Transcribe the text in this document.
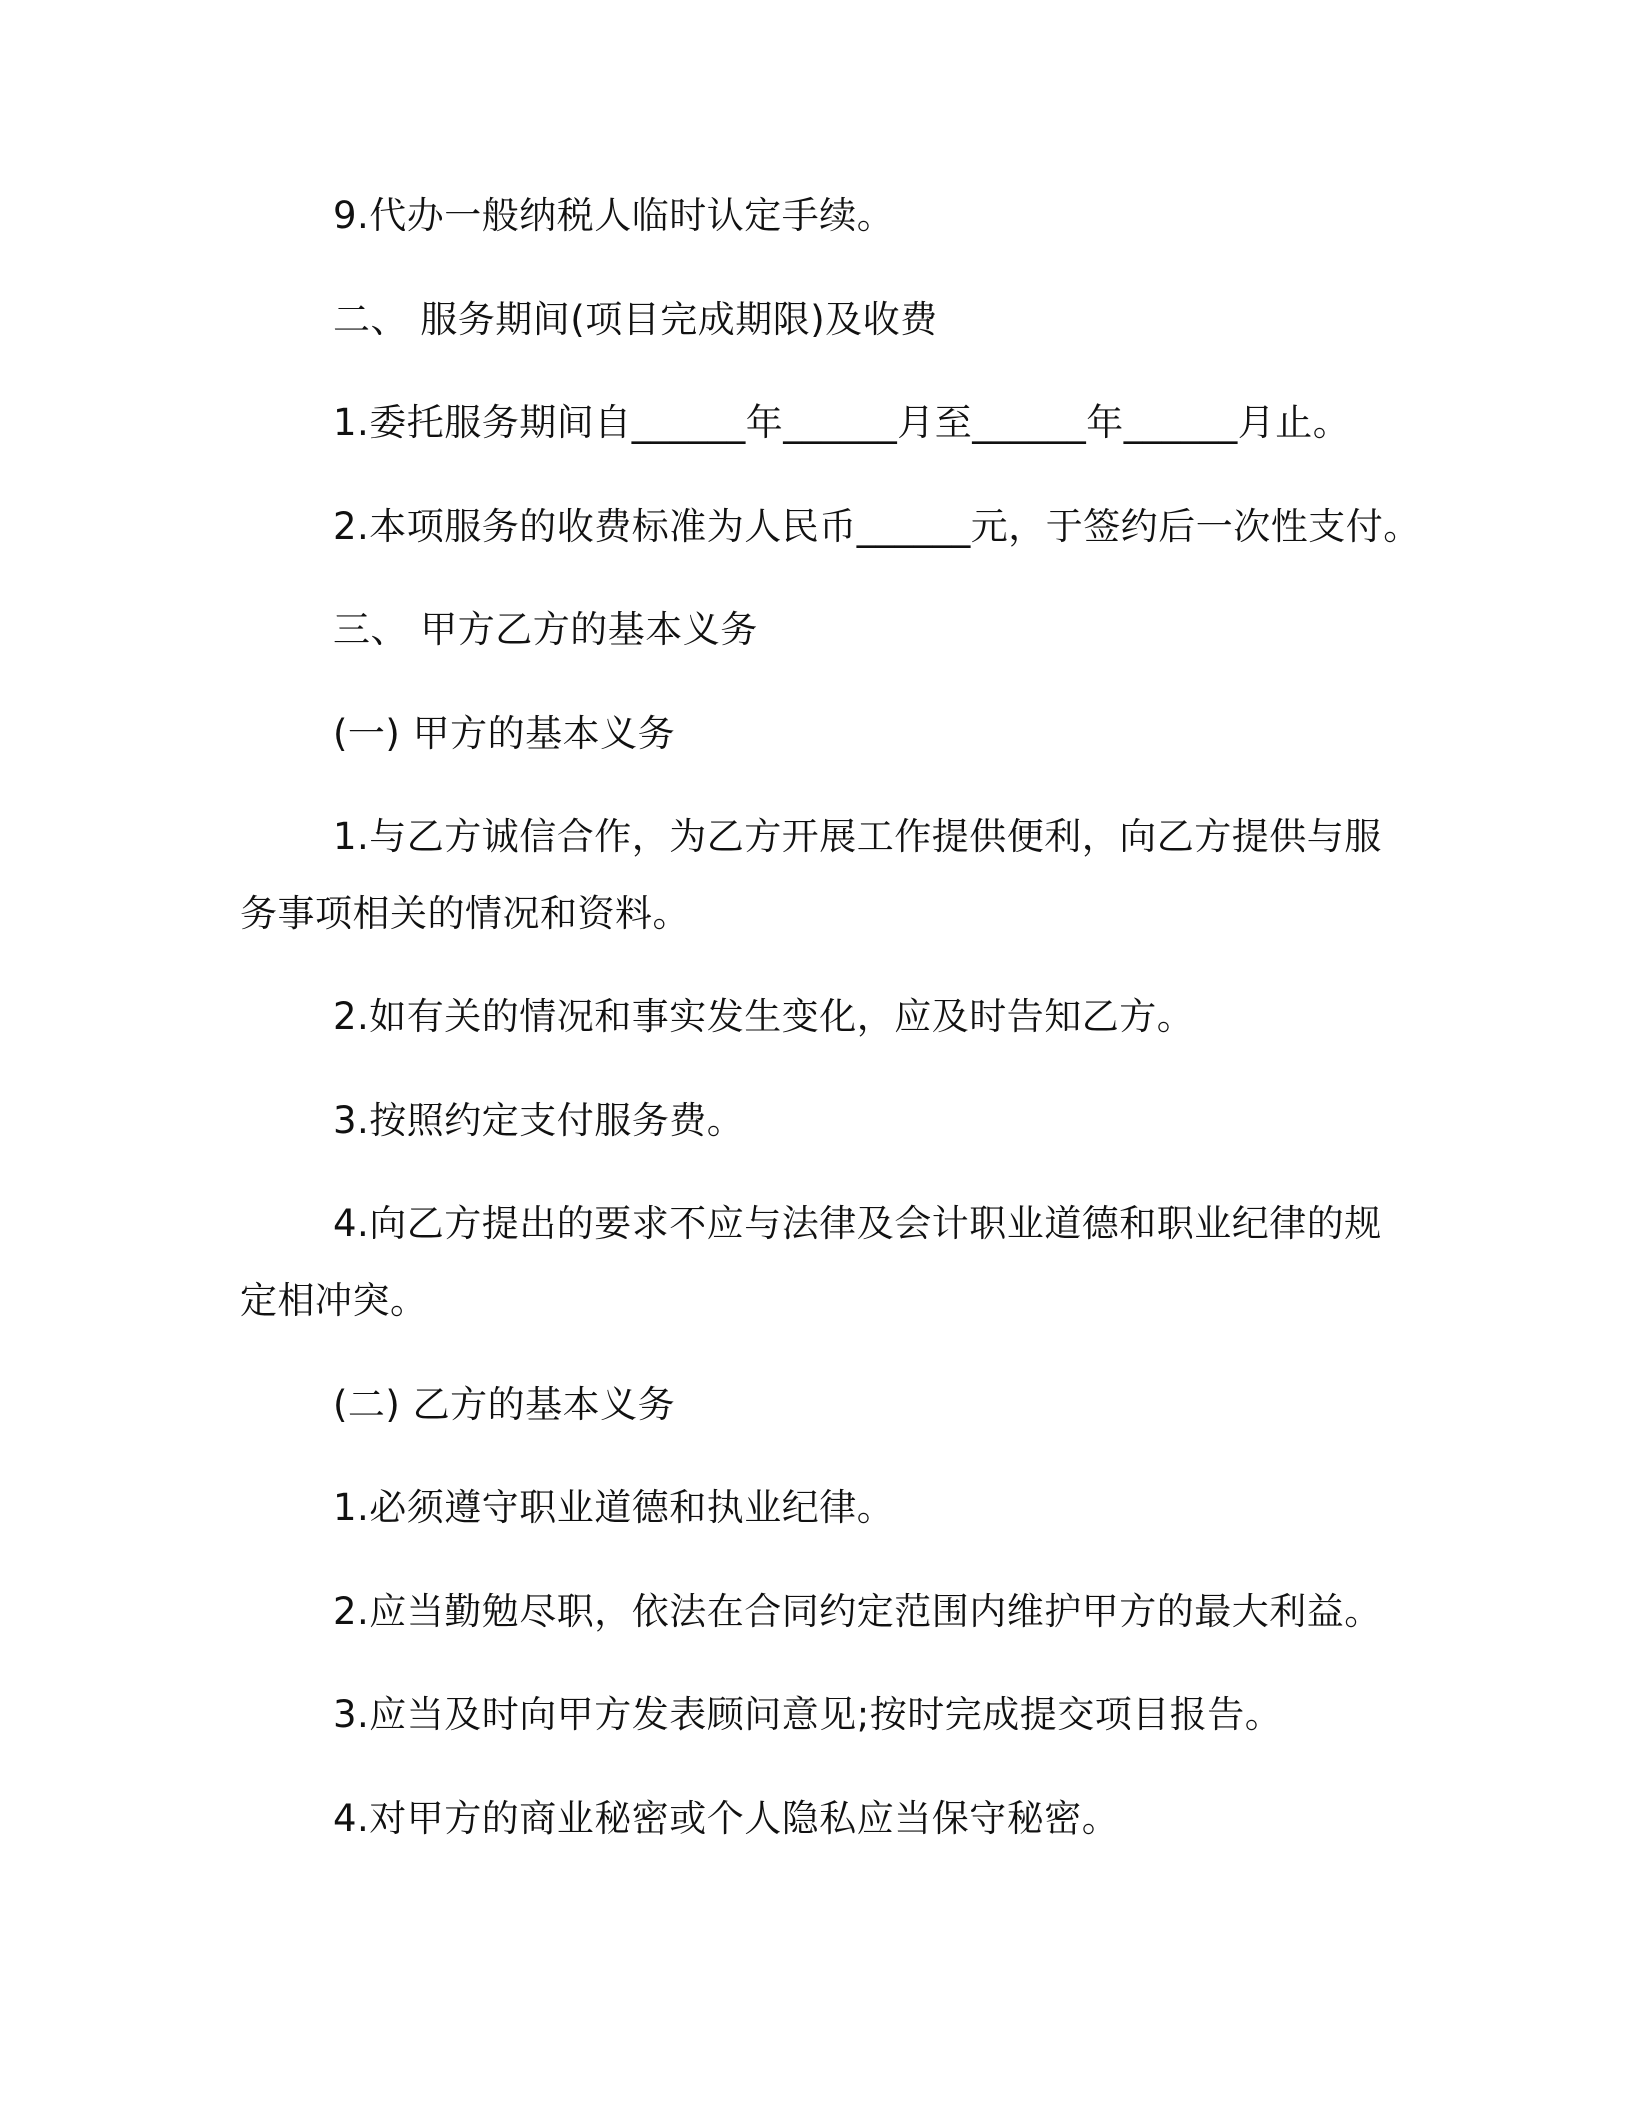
9.代办一般纳税人临时认定手续。
二、 服务期间(项目完成期限)及收费
1.委托服务期间自______年______月至______年______月止。
2.本项服务的收费标准为人民币______元，于签约后一次性支付。
三、 甲方乙方的基本义务
(一) 甲方的基本义务
1.与乙方诚信合作，为乙方开展工作提供便利，向乙方提供与服
务事项相关的情况和资料。
2.如有关的情况和事实发生变化，应及时告知乙方。
3.按照约定支付服务费。
4.向乙方提出的要求不应与法律及会计职业道德和职业纪律的规
定相冲突。
(二) 乙方的基本义务
1.必须遵守职业道德和执业纪律。
2.应当勤勉尽职，依法在合同约定范围内维护甲方的最大利益。
3.应当及时向甲方发表顾问意见;按时完成提交项目报告。
4.对甲方的商业秘密或个人隐私应当保守秘密。
